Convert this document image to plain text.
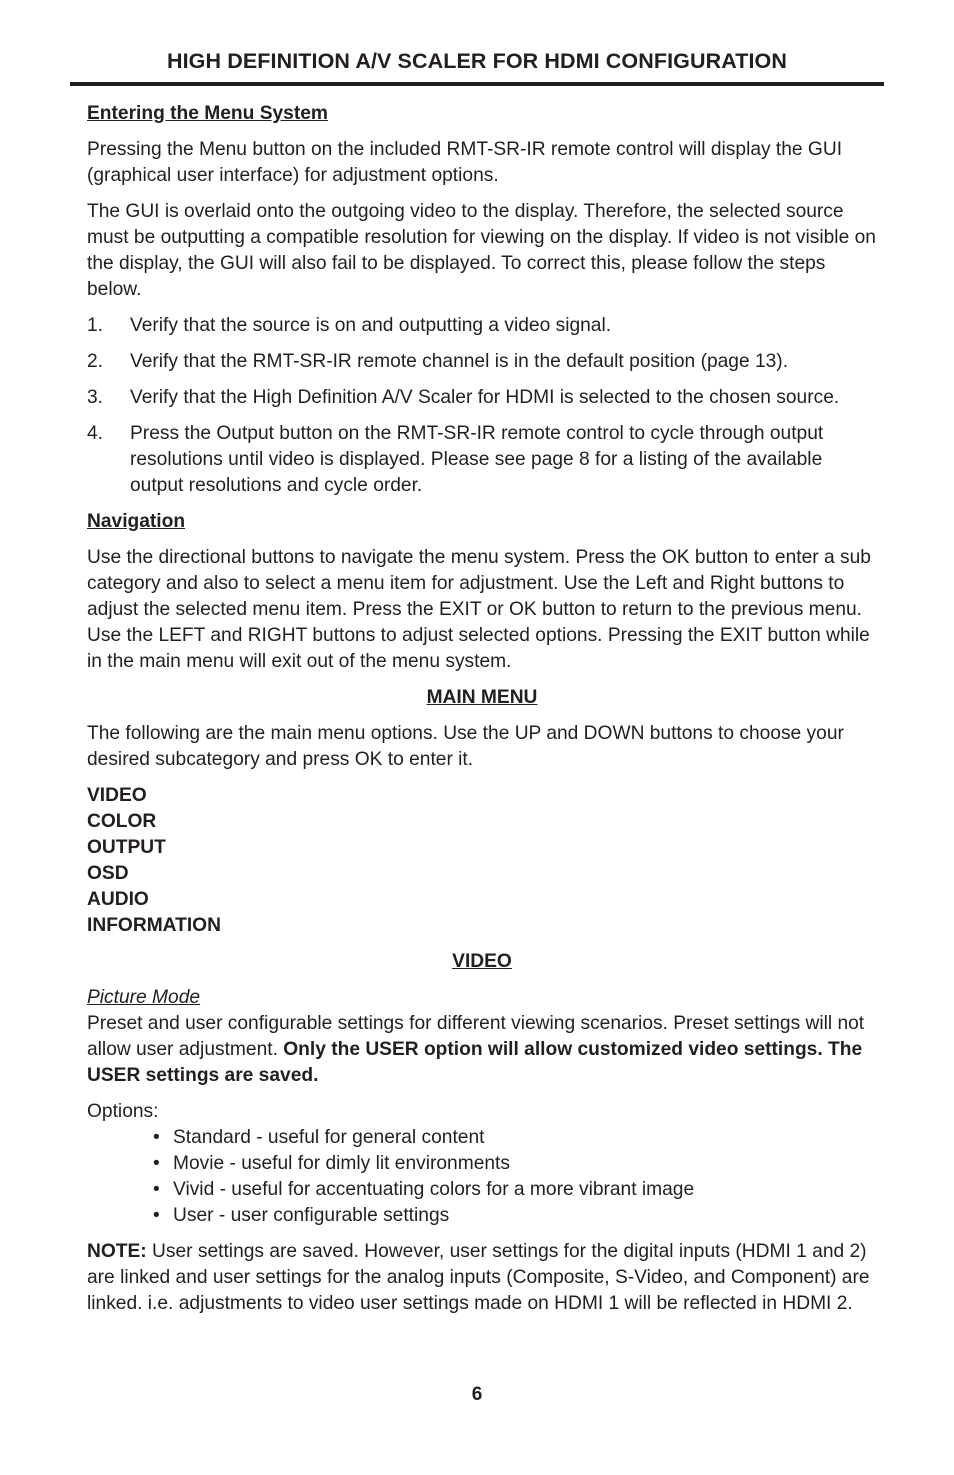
HIGH DEFINITION A/V SCALER FOR HDMI CONFIGURATION

Entering the Menu System

Pressing the Menu button on the included RMT-SR-IR remote control will display the GUI (graphical user interface) for adjustment options.

The GUI is overlaid onto the outgoing video to the display. Therefore, the selected source must be outputting a compatible resolution for viewing on the display. If video is not visible on the display, the GUI will also fail to be displayed. To correct this, please follow the steps below.

1.	Verify that the source is on and outputting a video signal.
2.	Verify that the RMT-SR-IR remote channel is in the default position (page 13).
3.	Verify that the High Definition A/V Scaler for HDMI is selected to the chosen source.
4.	Press the Output button on the RMT-SR-IR remote control to cycle through output resolutions until video is displayed. Please see page 8 for a listing of the available output resolutions and cycle order.

Navigation

Use the directional buttons to navigate the menu system. Press the OK button to enter a sub category and also to select a menu item for adjustment. Use the Left and Right buttons to adjust the selected menu item. Press the EXIT or OK button to return to the previous menu. Use the LEFT and RIGHT buttons to adjust selected options. Pressing the EXIT button while in the main menu will exit out of the menu system.

MAIN MENU

The following are the main menu options. Use the UP and DOWN buttons to choose your desired subcategory and press OK to enter it.

VIDEO
COLOR
OUTPUT
OSD
AUDIO
INFORMATION

VIDEO

Picture Mode

Preset and user configurable settings for different viewing scenarios. Preset settings will not allow user adjustment. Only the USER option will allow customized video settings. The USER settings are saved.

Options:

• Standard - useful for general content
• Movie - useful for dimly lit environments
• Vivid - useful for accentuating colors for a more vibrant image
• User - user configurable settings

NOTE: User settings are saved. However, user settings for the digital inputs (HDMI 1 and 2) are linked and user settings for the analog inputs (Composite, S-Video, and Component) are linked. i.e. adjustments to video user settings made on HDMI 1 will be reflected in HDMI 2.

6
